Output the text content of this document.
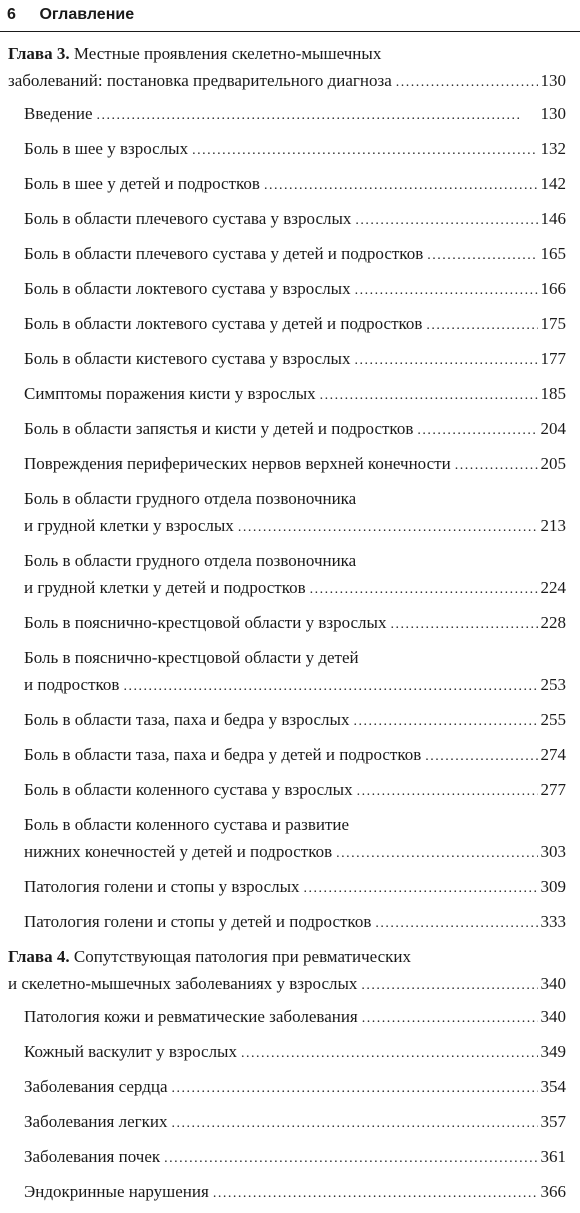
6 Оглавление
Глава 3. Местные проявления скелетно-мышечных
заболеваний: постановка предварительного диагноза . . .	130
Введение . . .	130
Боль в шее у взрослых . . .	132
Боль в шее у детей и подростков . . .	142
Боль в области плечевого сустава у взрослых . . .	146
Боль в области плечевого сустава у детей и подростков . . .	165
Боль в области локтевого сустава у взрослых . . .	166
Боль в области локтевого сустава у детей и подростков . . .	175
Боль в области кистевого сустава у взрослых . . .	177
Симптомы поражения кисти у взрослых . . .	185
Боль в области запястья и кисти у детей и подростков . . .	204
Повреждения периферических нервов верхней конечности . . .	205
Боль в области грудного отдела позвоночника
и грудной клетки у взрослых . . .	213
Боль в области грудного отдела позвоночника
и грудной клетки у детей и подростков . . .	224
Боль в пояснично-крестцовой области у взрослых . . .	228
Боль в пояснично-крестцовой области у детей
и подростков . . .	253
Боль в области таза, паха и бедра у взрослых . . .	255
Боль в области таза, паха и бедра у детей и подростков . . .	274
Боль в области коленного сустава у взрослых . . .	277
Боль в области коленного сустава и развитие
нижних конечностей у детей и подростков . . .	303
Патология голени и стопы у взрослых . . .	309
Патология голени и стопы у детей и подростков . . .	333
Глава 4. Сопутствующая патология при ревматических
и скелетно-мышечных заболеваниях у взрослых . . .	340
Патология кожи и ревматические заболевания . . .	340
Кожный васкулит у взрослых . . .	349
Заболевания сердца . . .	354
Заболевания легких . . .	357
Заболевания почек . . .	361
Эндокринные нарушения . . .	366
